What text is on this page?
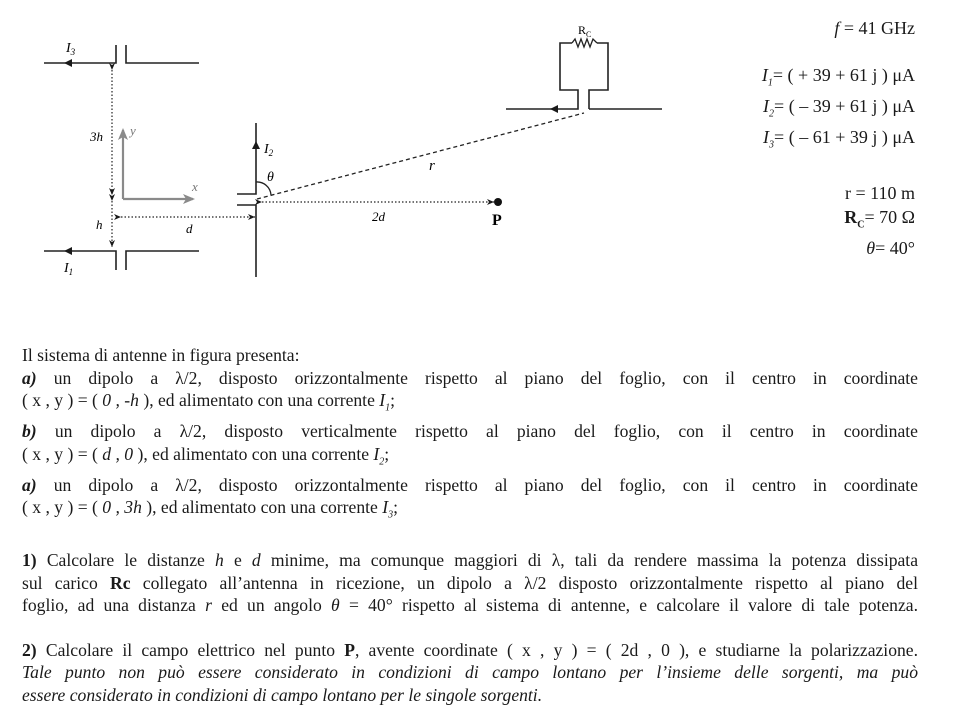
$I_3$
$I_1$
3h
h
y
x
d
$I_2$
θ
r
2d	P
$R_C$	f = 41 GHz
$I_1=$ ( + 39 + 61 j ) μA
$I_2=$ ( – 39 + 61 j ) μA
$I_3=$ ( – 61 + 39 j ) μA
r = 110 m
$R_C= 70$ Ω
θ= 40°
Il sistema di antenne in figura presenta:
a) un dipolo a λ/2, disposto orizzontalmente rispetto al piano del foglio, con il centro in coordinate
( x , y ) = ( 0 , -h ), ed alimentato con una corrente $I_1$;
b) un dipolo a λ/2, disposto verticalmente rispetto al piano del foglio, con il centro in coordinate
( x , y ) = ( d , 0 ), ed alimentato con una corrente $I_2$;
a) un dipolo a λ/2, disposto orizzontalmente rispetto al piano del foglio, con il centro in coordinate
( x , y ) = ( 0 , 3h ), ed alimentato con una corrente $I_3$;
1) Calcolare le distanze h e d minime, ma comunque maggiori di λ, tali da rendere massima la potenza dissipata
sul carico Rc collegato all’antenna in ricezione, un dipolo a λ/2 disposto orizzontalmente rispetto al piano del
foglio, ad una distanza r ed un angolo θ = 40° rispetto al sistema di antenne, e calcolare il valore di tale potenza.
2) Calcolare il campo elettrico nel punto P, avente coordinate ( x , y ) = ( 2d , 0 ), e studiarne la polarizzazione.
Tale punto non può essere considerato in condizioni di campo lontano per l’insieme delle sorgenti, ma può
essere considerato in condizioni di campo lontano per le singole sorgenti.
